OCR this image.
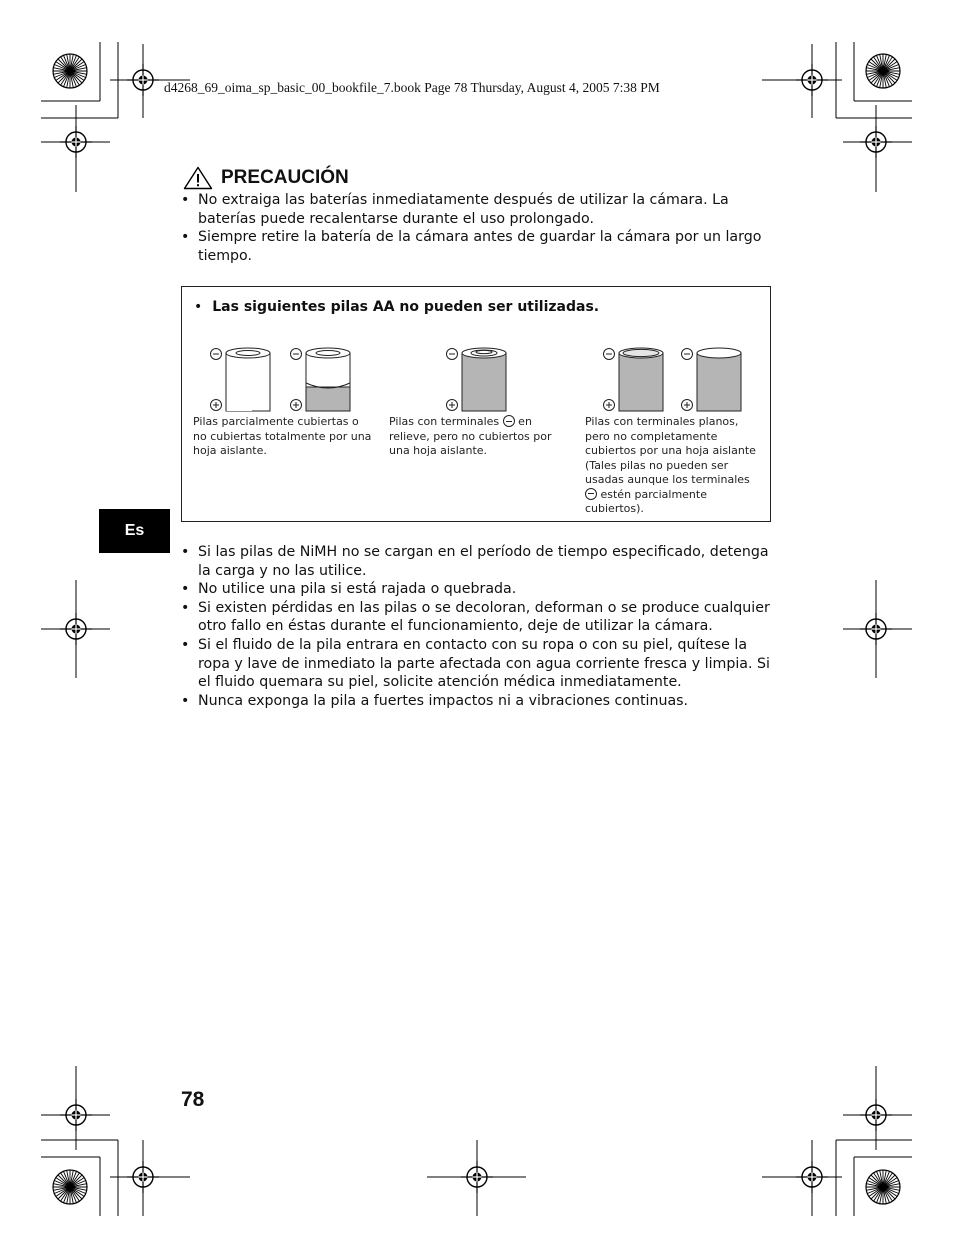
d4268_69_oima_sp_basic_00_bookfile_7.book Page 78 Thursday, August 4, 2005 7:38 PM
PRECAUCIÓN
• No extraiga las baterías inmediatamente después de utilizar la cámara. La baterías puede recalentarse durante el uso prolongado.
• Siempre retire la batería de la cámara antes de guardar la cámara por un largo tiempo.
• Las siguientes pilas AA no pueden ser utilizadas.
Pilas parcialmente cubiertas o no cubiertas totalmente por una hoja aislante.
Pilas con terminales en relieve, pero no cubiertos por una hoja aislante.
Pilas con terminales planos, pero no completamente cubiertos por una hoja aislante (Tales pilas no pueden ser usadas aunque los terminales  estén parcialmente cubiertos).
Es
• Si las pilas de NiMH no se cargan en el período de tiempo especificado, detenga la carga y no las utilice.
• No utilice una pila si está rajada o quebrada.
• Si existen pérdidas en las pilas o se decoloran, deforman o se produce cualquier otro fallo en éstas durante el funcionamiento, deje de utilizar la cámara.
• Si el fluido de la pila entrara en contacto con su ropa o con su piel, quítese la ropa y lave de inmediato la parte afectada con agua corriente fresca y limpia. Si el fluido quemara su piel, solicite atención médica inmediatamente.
• Nunca exponga la pila a fuertes impactos ni a vibraciones continuas.
78
